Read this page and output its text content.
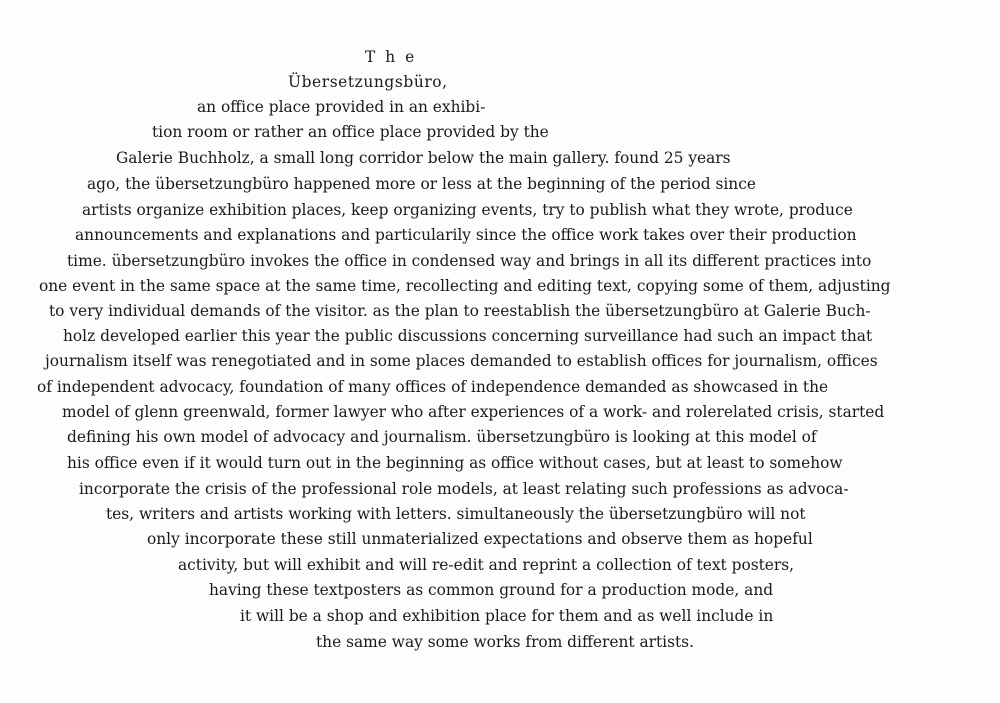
The
Übersetzungsbüro,
an office place provided in an exhibi-
tion room or rather an office place provided by the
Galerie Buchholz, a small long corridor below the main gallery. found 25 years
ago, the übersetzungbüro happened more or less at the beginning of the period since
artists organize exhibition places, keep organizing events, try to publish what they wrote, produce
announcements and explanations and particularily since the office work takes over their production
time. übersetzungbüro invokes the office in condensed way and brings in all its different practices into
one event in the same space at the same time, recollecting and editing text, copying some of them, adjusting
to very individual demands of the visitor. as the plan to reestablish the übersetzungbüro at Galerie Buch-
holz developed earlier this year the public discussions concerning surveillance had such an impact that
journalism itself was renegotiated and in some places demanded to establish offices for journalism, offices
of independent advocacy, foundation of many offices of independence demanded as showcased in the
model of glenn greenwald, former lawyer who after experiences of a work- and rolerelated crisis, started
defining his own model of advocacy and journalism. übersetzungbüro is looking at this model of
his office even if it would turn out in the beginning as office without cases, but at least to somehow
incorporate the crisis of the professional role models, at least relating such professions as advoca-
tes, writers and artists working with letters. simultaneously the übersetzungbüro will not
only incorporate these still unmaterialized expectations and observe them as hopeful
activity, but will exhibit and will re-edit and reprint a collection of text posters,
having these textposters as common ground for a production mode, and
it will be a shop and exhibition place for them and as well include in
the same way some works from different artists.
